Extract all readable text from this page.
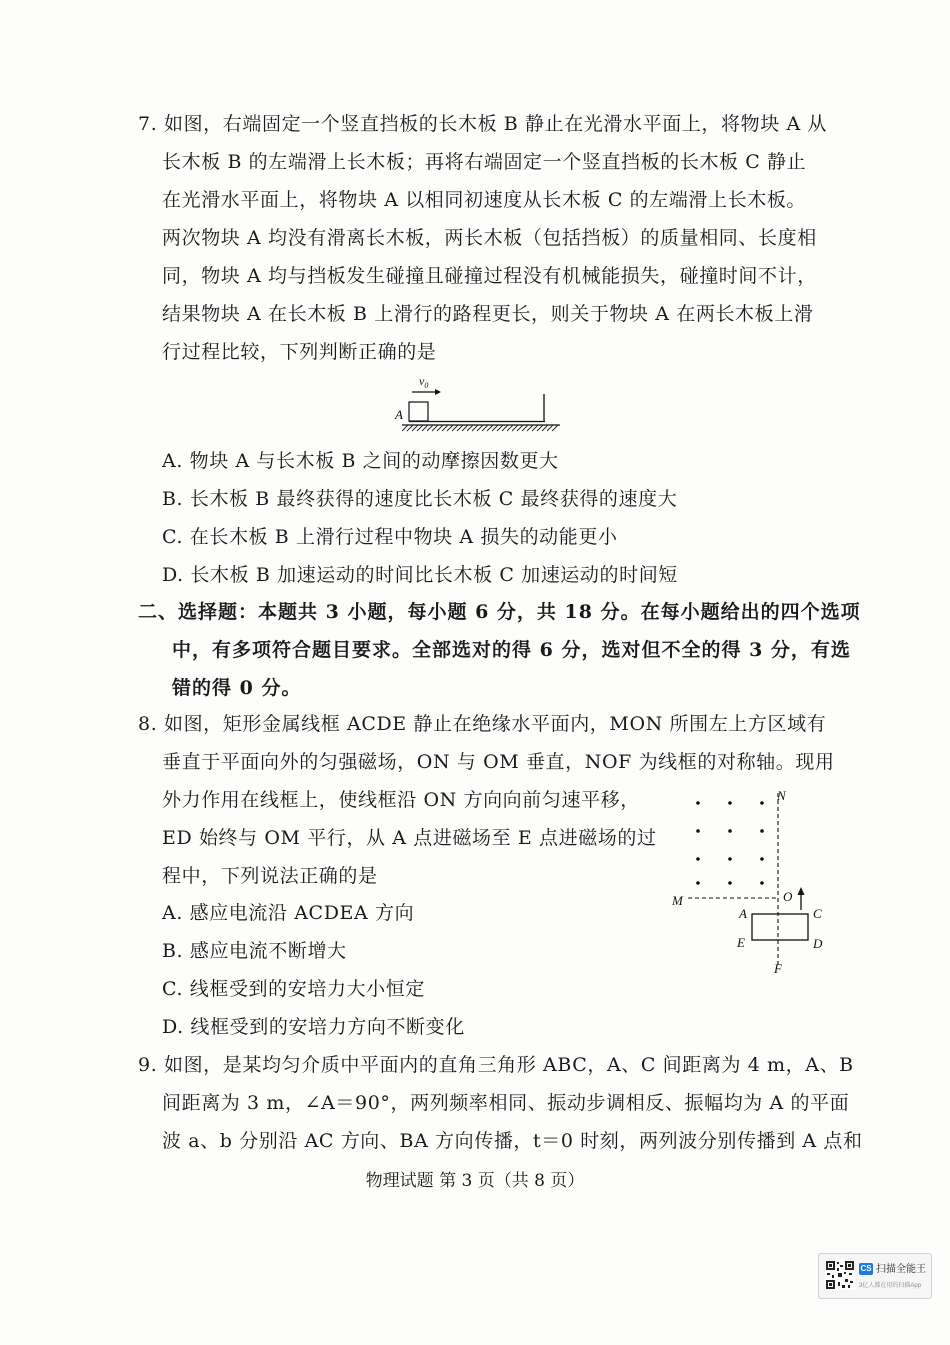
7. 如图，右端固定一个竖直挡板的长木板 B 静止在光滑水平面上，将物块 A 从
长木板 B 的左端滑上长木板；再将右端固定一个竖直挡板的长木板 C 静止
在光滑水平面上，将物块 A 以相同初速度从长木板 C 的左端滑上长木板。
两次物块 A 均没有滑离长木板，两长木板（包括挡板）的质量相同、长度相
同，物块 A 均与挡板发生碰撞且碰撞过程没有机械能损失，碰撞时间不计，
结果物块 A 在长木板 B 上滑行的路程更长，则关于物块 A 在两长木板上滑
行过程比较，下列判断正确的是
$v_0$
A
A. 物块 A 与长木板 B 之间的动摩擦因数更大
B. 长木板 B 最终获得的速度比长木板 C 最终获得的速度大
C. 在长木板 B 上滑行过程中物块 A 损失的动能更小
D. 长木板 B 加速运动的时间比长木板 C 加速运动的时间短
二、选择题：本题共 3 小题，每小题 6 分，共 18 分。在每小题给出的四个选项
中，有多项符合题目要求。全部选对的得 6 分，选对但不全的得 3 分，有选
错的得 0 分。
8. 如图，矩形金属线框 ACDE 静止在绝缘水平面内，MON 所围左上方区域有
垂直于平面向外的匀强磁场，ON 与 OM 垂直，NOF 为线框的对称轴。现用
外力作用在线框上，使线框沿 ON 方向向前匀速平移，
ED 始终与 OM 平行，从 A 点进磁场至 E 点进磁场的过
程中，下列说法正确的是
A. 感应电流沿 ACDEA 方向
B. 感应电流不断增大
C. 线框受到的安培力大小恒定
D. 线框受到的安培力方向不断变化
N
M	O
A	C
E	D
F
9. 如图，是某均匀介质中平面内的直角三角形 ABC，A、C 间距离为 4 m，A、B
间距离为 3 m，∠A＝90°，两列频率相同、振动步调相反、振幅均为 A 的平面
波 a、b 分别沿 AC 方向、BA 方向传播，t＝0 时刻，两列波分别传播到 A 点和
物理试题 第 3 页（共 8 页）
CS 扫描全能王
3亿人都在用的扫描App
